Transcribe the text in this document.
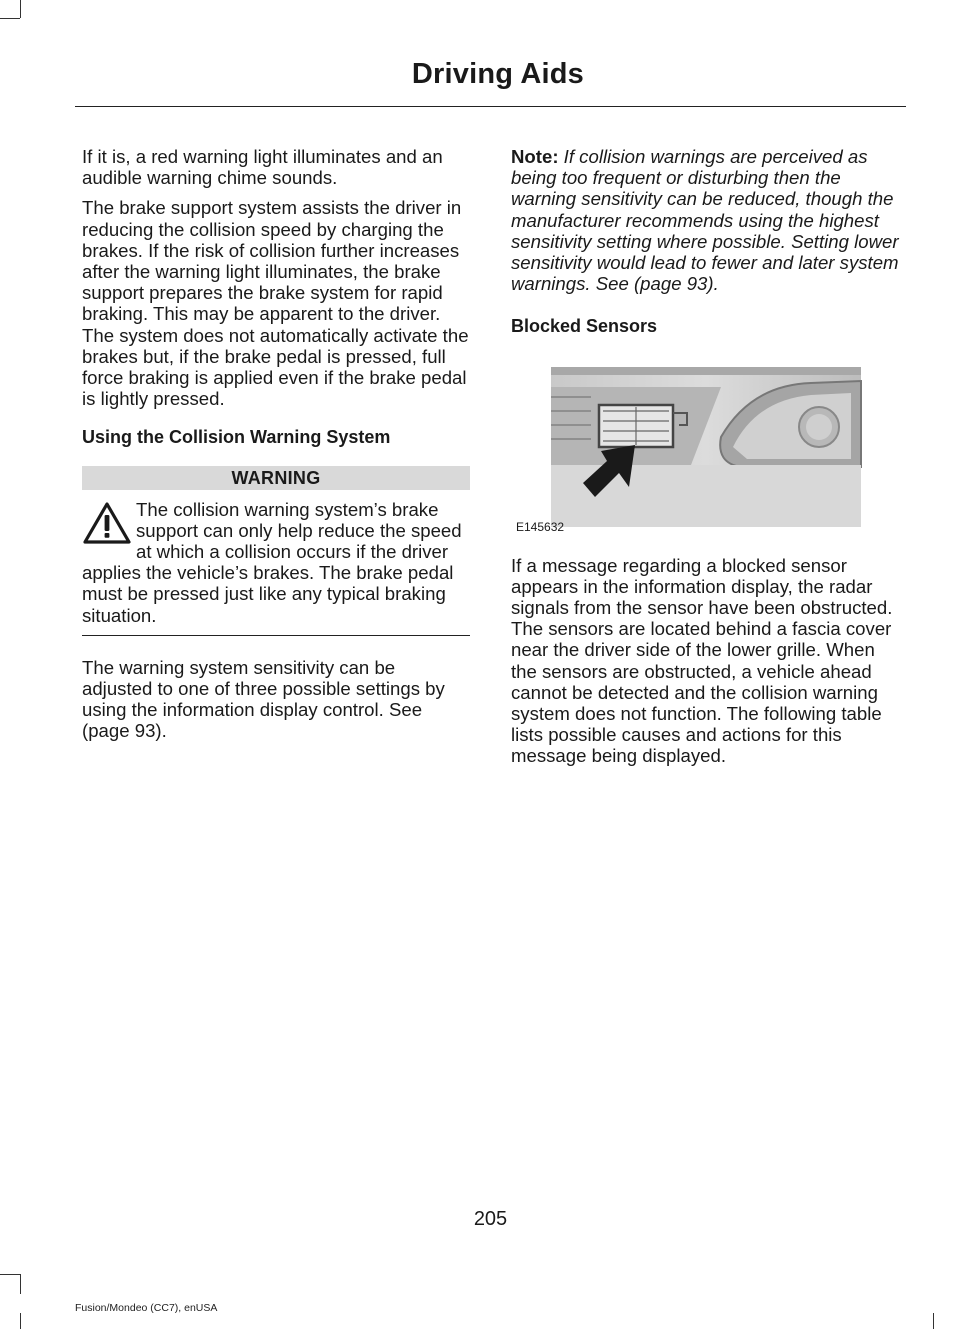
Driving Aids

If it is, a red warning light illuminates and an audible warning chime sounds.

The brake support system assists the driver in reducing the collision speed by charging the brakes. If the risk of collision further increases after the warning light illuminates, the brake support prepares the brake system for rapid braking. This may be apparent to the driver. The system does not automatically activate the brakes but, if the brake pedal is pressed, full force braking is applied even if the brake pedal is lightly pressed.

Using the Collision Warning System
WARNING
The collision warning system’s brake support can only help reduce the speed at which a collision occurs if the driver applies the vehicle’s brakes. The brake pedal must be pressed just like any typical braking situation.

The warning system sensitivity can be adjusted to one of three possible settings by using the information display control. See (page 93).

Note: If collision warnings are perceived as being too frequent or disturbing then the warning sensitivity can be reduced, though the manufacturer recommends using the highest sensitivity setting where possible. Setting lower sensitivity would lead to fewer and later system warnings. See (page 93).

Blocked Sensors
E145632

If a message regarding a blocked sensor appears in the information display, the radar signals from the sensor have been obstructed. The sensors are located behind a fascia cover near the driver side of the lower grille. When the sensors are obstructed, a vehicle ahead cannot be detected and the collision warning system does not function. The following table lists possible causes and actions for this message being displayed.

205
Fusion/Mondeo (CC7), enUSA
